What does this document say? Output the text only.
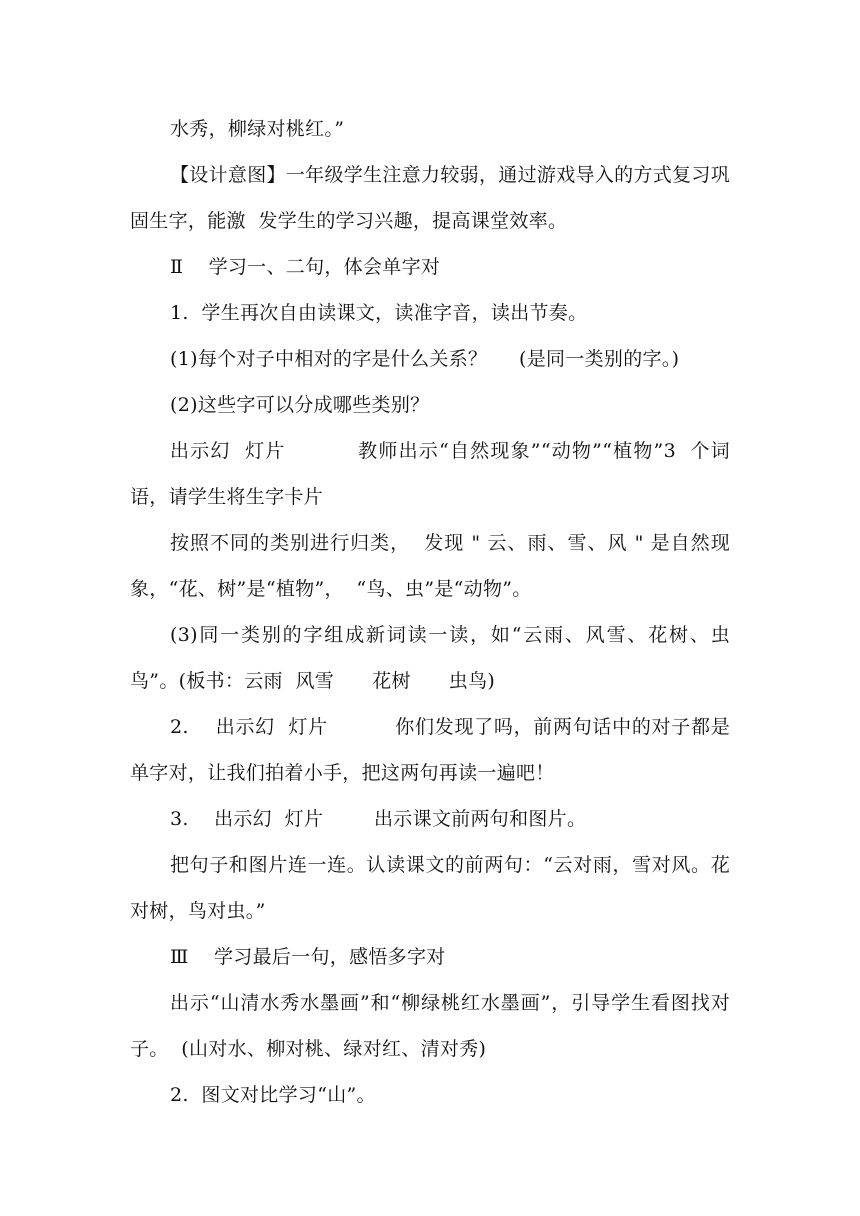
水秀，柳绿对桃红。”

【设计意图】一年级学生注意力较弱，通过游戏导入的方式复习巩固生字，能激  发学生的学习兴趣，提高课堂效率。

Ⅱ    学习一、二句，体会单字对

1.  学生再次自由读课文，读准字音，读出节奏。

(1)每个对子中相对的字是什么关系？     (是同一类别的字。)

(2)这些字可以分成哪些类别？

出示幻  灯片          教师出示“自然现象”“动物”“植物”3  个词语，请学生将生字卡片

按照不同的类别进行归类，  发现 " 云、雨、雪、风 " 是自然现象，“花、树”是“植物”，  “鸟、虫”是“动物”。

(3)同一类别的字组成新词读一读，如“云雨、风雪、花树、虫鸟”。(板书：云雨  风雪      花树      虫鸟)

2.    出示幻  灯片          你们发现了吗，前两句话中的对子都是单字对，让我们拍着小手，把这两句再读一遍吧！

3.    出示幻  灯片        出示课文前两句和图片。

把句子和图片连一连。认读课文的前两句：“云对雨，雪对风。花对树，鸟对虫。”

Ⅲ    学习最后一句，感悟多字对

出示“山清水秀水墨画”和“柳绿桃红水墨画”，引导学生看图找对  子。  (山对水、柳对桃、绿对红、清对秀)

2.  图文对比学习“山”。
